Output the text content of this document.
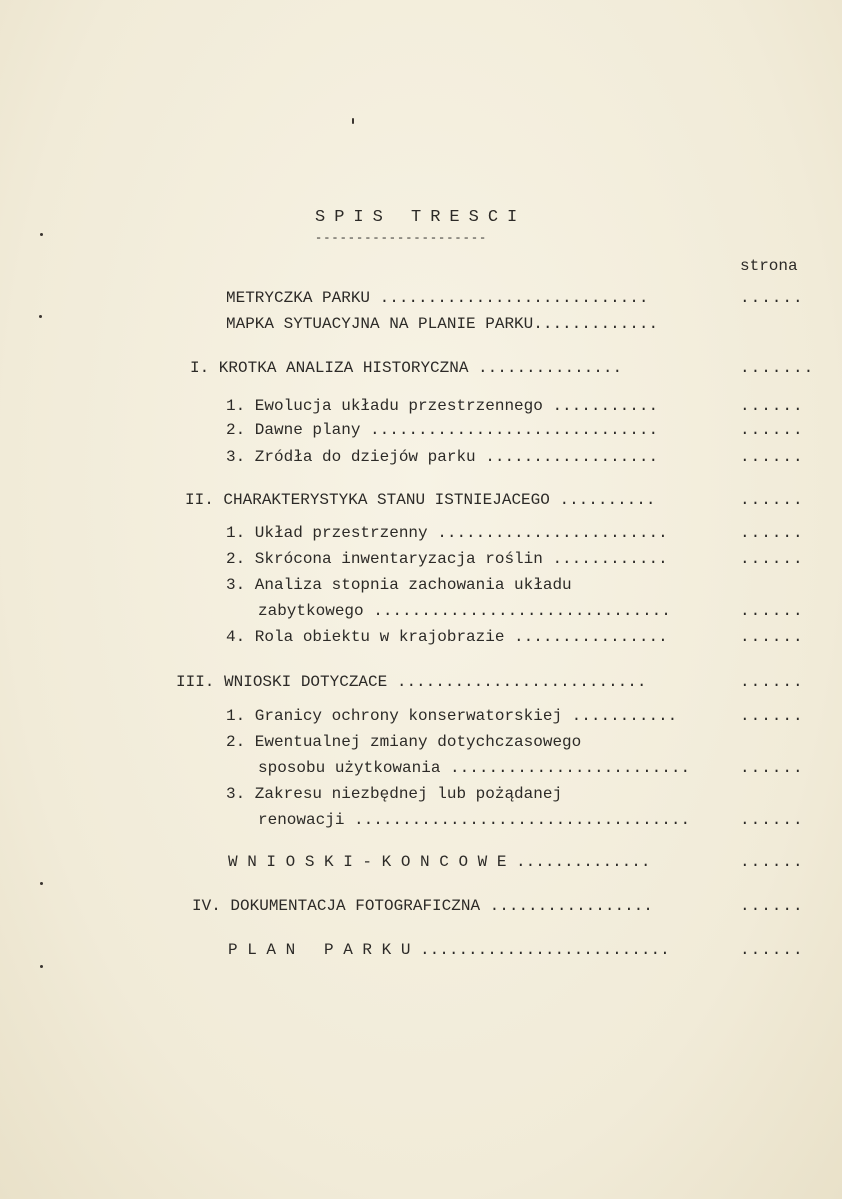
SPIS TRESCI
---------------------
strona
METRYCZKA PARKU ............................	......
MAPKA SYTUACYJNA NA PLANIE PARKU.............
I. KROTKA ANALIZA HISTORYCZNA ...............	.......
1. Ewolucja układu przestrzennego ...........	......
2. Dawne plany ..............................	......
3. Zródła do dziejów parku ..................	......
II. CHARAKTERYSTYKA STANU ISTNIEJACEGO ..........	......
1. Układ przestrzenny ........................	......
2. Skrócona inwentaryzacja roślin ............	......
3. Analiza stopnia zachowania układu
zabytkowego ...............................	......
4. Rola obiektu w krajobrazie ................	......
III. WNIOSKI DOTYCZACE ..........................	......
1. Granicy ochrony konserwatorskiej ...........	......
2. Ewentualnej zmiany dotychczasowego
sposobu użytkowania .........................	......
3. Zakresu niezbędnej lub pożądanej
renowacji ...................................	......
W N I O S K I - K O N C O W E ..............	......
IV. DOKUMENTACJA FOTOGRAFICZNA .................	......
P L A N   P A R K U ..........................	......
